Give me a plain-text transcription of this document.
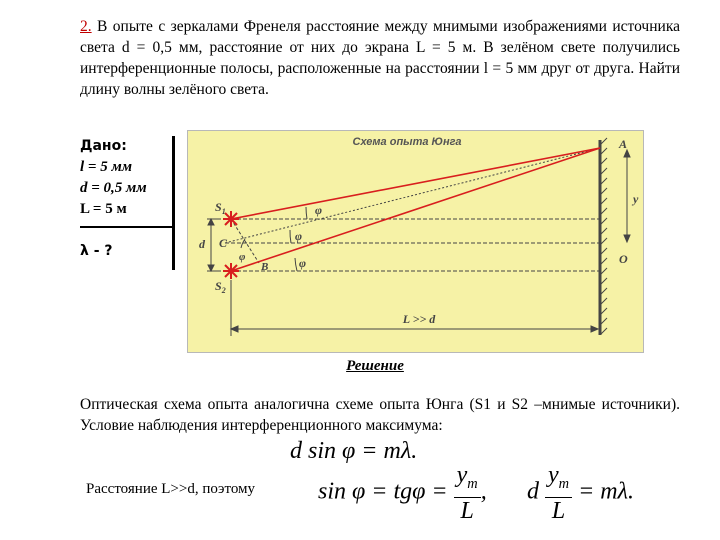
2. В опыте с зеркалами Френеля расстояние между мнимыми изображениями источника света d = 0,5 мм, расстояние от них до экрана L = 5 м. В зелёном свете получились интерференционные полосы, расположенные на расстоянии l = 5 мм друг от друга. Найти длину волны зелёного света.
Дано:
l = 5 мм
d = 0,5 мм
L = 5 м
λ - ?
Схема опыта Юнга
$S_1$
$S_2$
C
B
d
A
O
y
φ
φ
φ
φ
L >> d
Решение
Оптическая схема опыта аналогична схеме опыта Юнга (S1 и S2 –мнимые источники). Условие наблюдения интерференционного максимума:
d sin φ = mλ.
Расстояние L>>d, поэтому	$\sin \varphi = tg\varphi = \frac{y_m}{L}$ , d $\frac{y_m}{L} = m\lambda$.
